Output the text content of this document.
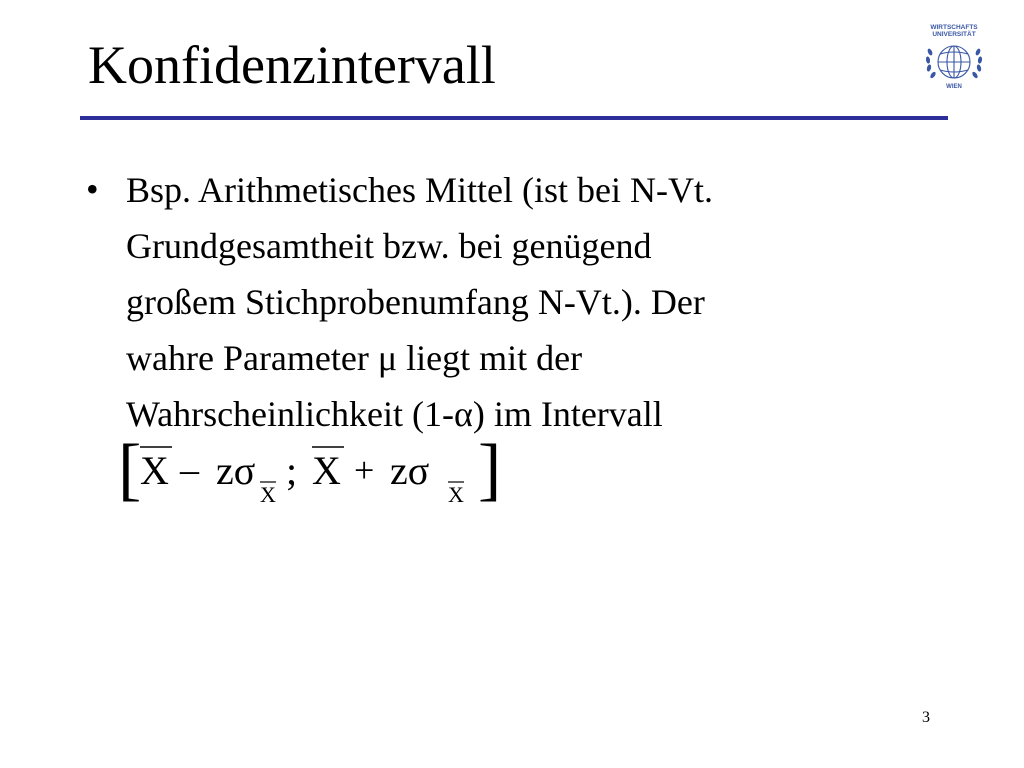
Konfidenzintervall
WIRTSCHAFTS
UNIVERSITÄT
WIEN
• Bsp. Arithmetisches Mittel (ist bei N-Vt.
Grundgesamtheit bzw. bei genügend
großem Stichprobenumfang N-Vt.). Der
wahre Parameter μ liegt mit der
Wahrscheinlichkeit (1-α) im Intervall
[
X – zσ
X
; X + zσ
X ]
3
